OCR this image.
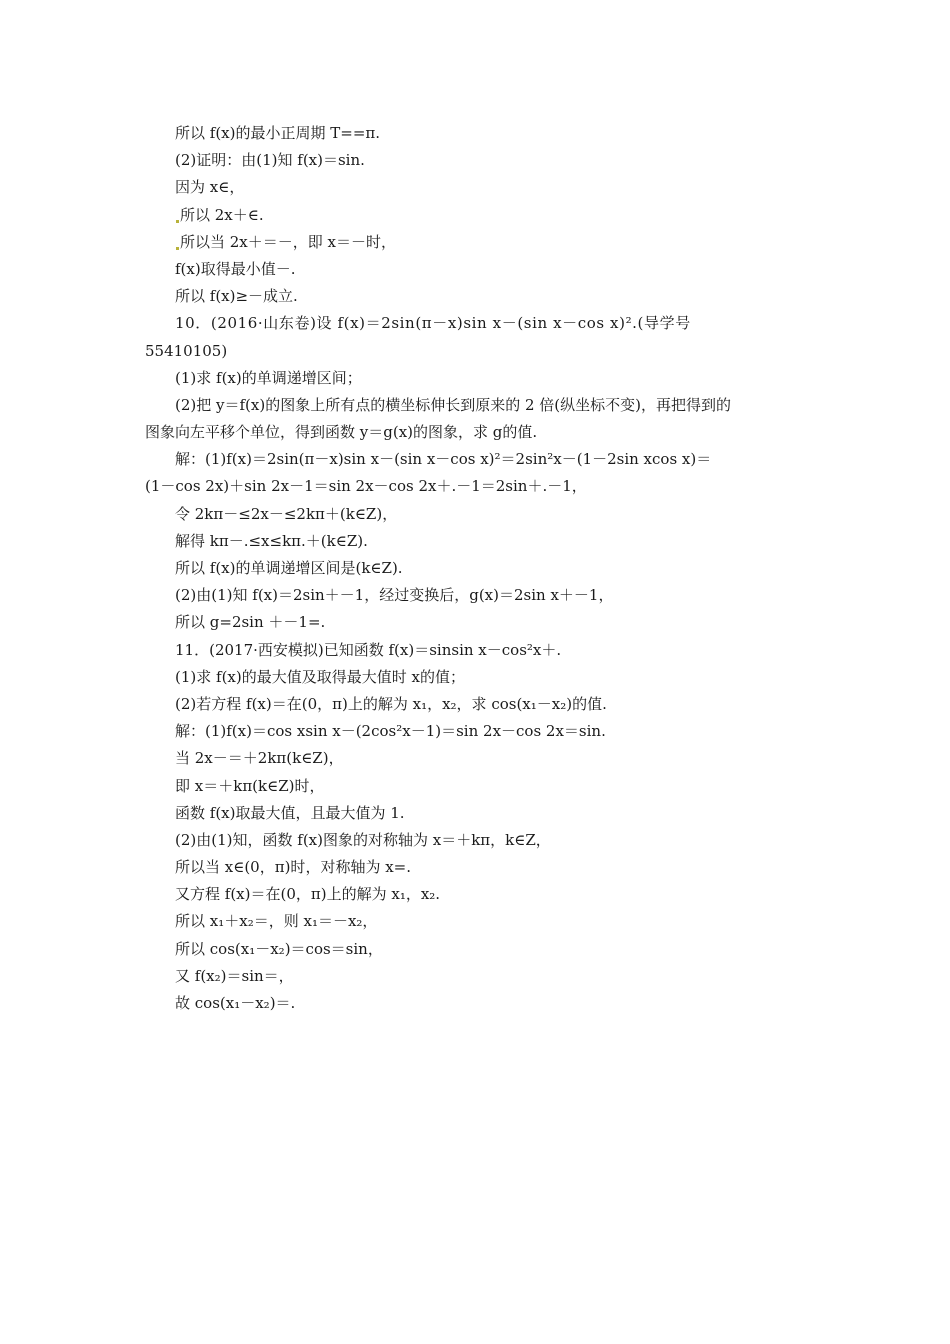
所以 f(x)的最小正周期 T==π.
(2)证明：由(1)知 f(x)＝sin.
因为 x∈，
所以 2x＋∈.
所以当 2x＋＝－，即 x＝－时，
f(x)取得最小值－.
所以 f(x)≥－成立.
10．(2016·山东卷)设 f(x)＝2sin(π－x)sin x－(sin x－cos x)².(导学号
55410105)
(1)求 f(x)的单调递增区间；
(2)把 y＝f(x)的图象上所有点的横坐标伸长到原来的 2 倍(纵坐标不变)，再把得到的
图象向左平移个单位，得到函数 y＝g(x)的图象，求 g的值.
解：(1)f(x)＝2sin(π－x)sin x－(sin x－cos x)²＝2sin²x－(1－2sin xcos x)＝
(1－cos 2x)＋sin 2x－1＝sin 2x－cos 2x＋.－1＝2sin＋.－1，
令 2kπ－≤2x－≤2kπ＋(k∈Z)，
解得 kπ－.≤x≤kπ.＋(k∈Z).
所以 f(x)的单调递增区间是(k∈Z).
(2)由(1)知 f(x)＝2sin＋－1，经过变换后，g(x)＝2sin x＋－1，
所以 g=2sin ＋－1=.
11．(2017·西安模拟)已知函数 f(x)＝sinsin x－cos²x＋.
(1)求 f(x)的最大值及取得最大值时 x的值；
(2)若方程 f(x)＝在(0，π)上的解为 x₁，x₂，求 cos(x₁－x₂)的值.
解：(1)f(x)＝cos xsin x－(2cos²x－1)＝sin 2x－cos 2x＝sin.
当 2x－＝＋2kπ(k∈Z)，
即 x＝＋kπ(k∈Z)时，
函数 f(x)取最大值，且最大值为 1.
(2)由(1)知，函数 f(x)图象的对称轴为 x＝＋kπ，k∈Z，
所以当 x∈(0，π)时，对称轴为 x=.
又方程 f(x)＝在(0，π)上的解为 x₁，x₂.
所以 x₁＋x₂＝，则 x₁＝－x₂，
所以 cos(x₁－x₂)＝cos＝sin，
又 f(x₂)＝sin＝，
故 cos(x₁－x₂)＝.
